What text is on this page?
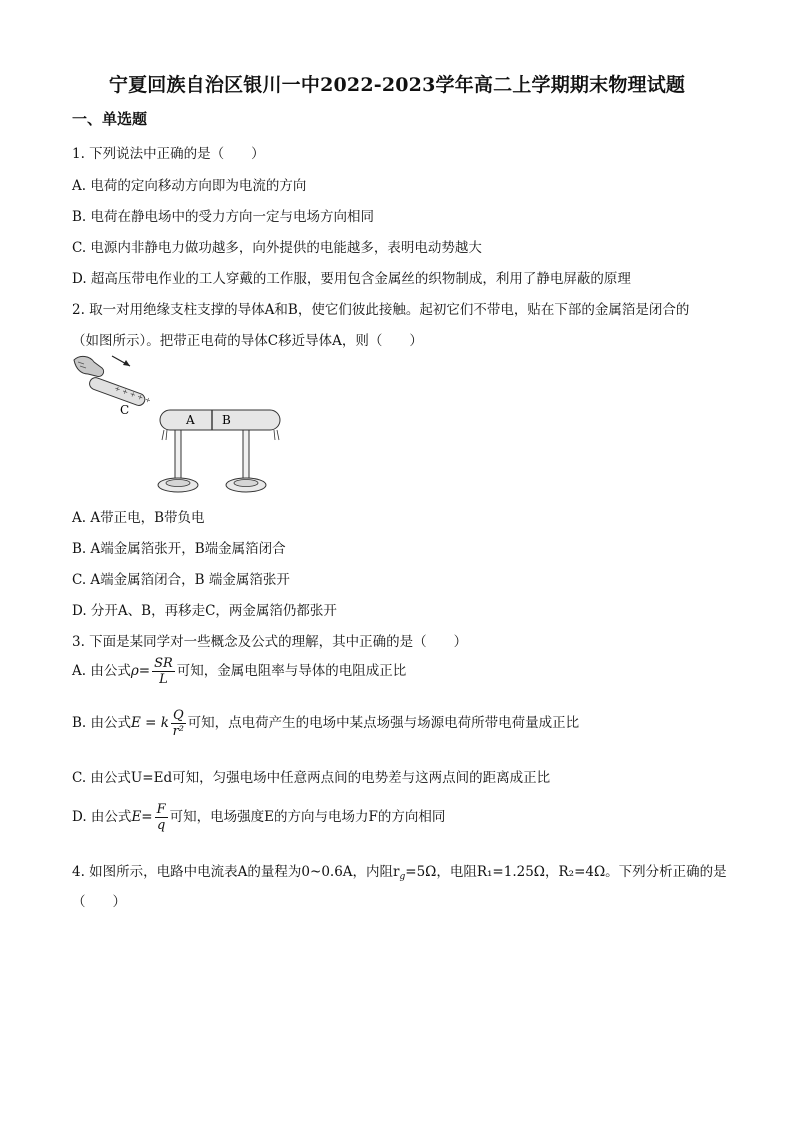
宁夏回族自治区银川一中2022-2023学年高二上学期期末物理试题
一、单选题
1. 下列说法中正确的是（　　）
A. 电荷的定向移动方向即为电流的方向
B. 电荷在静电场中的受力方向一定与电场方向相同
C. 电源内非静电力做功越多，向外提供的电能越多，表明电动势越大
D. 超高压带电作业的工人穿戴的工作服，要用包含金属丝的织物制成，利用了静电屏蔽的原理
2. 取一对用绝缘支柱支撑的导体A和B，使它们彼此接触。起初它们不带电，贴在下部的金属箔是闭合的
（如图所示）。把带正电荷的导体C移近导体A，则（　　）
+ + + + +
C
A B
A. A带正电，B带负电
B. A端金属箔张开，B端金属箔闭合
C. A端金属箔闭合，B 端金属箔张开
D. 分开A、B，再移走C，两金属箔仍都张开
3. 下面是某同学对一些概念及公式的理解，其中正确的是（　　）
A. 由公式$\rho= \frac{SR}{L}$ 可知，金属电阻率与导体的电阻成正比
B. 由公式E = k $\frac{Q}{\text{r²}}$ 可知，点电荷产生的电场中某点场强与场源电荷所带电荷量成正比
C. 由公式U=Ed可知，匀强电场中任意两点间的电势差与这两点间的距离成正比
D. 由公式$E= \frac{F}{q}$ 可知，电场强度E的方向与电场力F的方向相同
4. 如图所示，电路中电流表A的量程为0~0.6A，内阻$r_g=5\Omega$，电阻R₁=1.25Ω，R₂=4Ω。下列分析正确的是
（　　）
